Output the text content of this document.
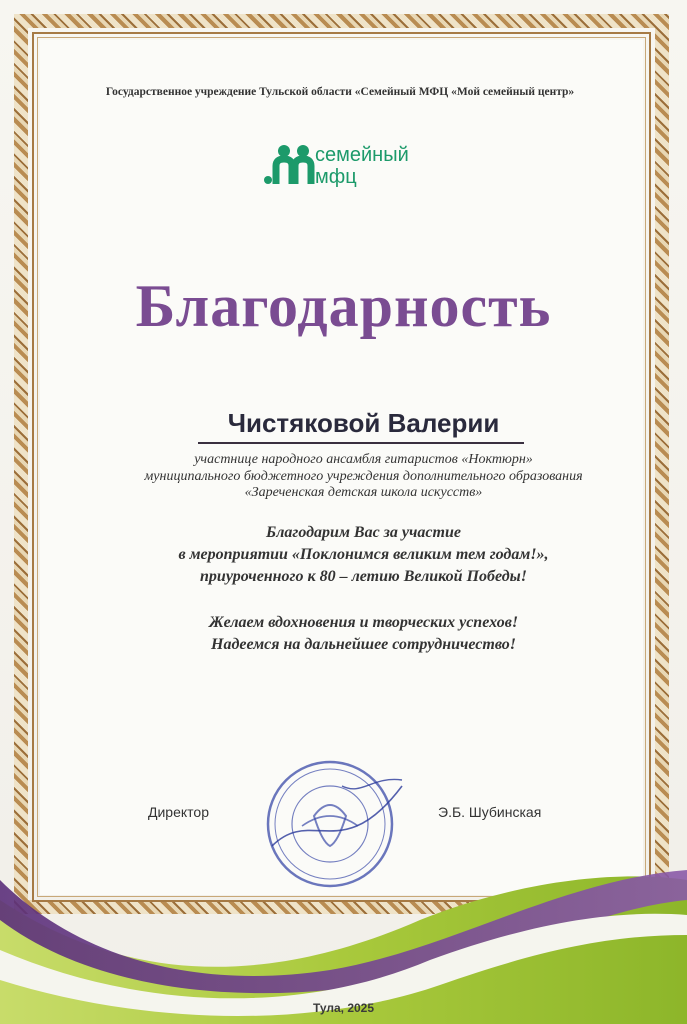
Государственное учреждение Тульской области «Семейный МФЦ «Мой семейный центр»
семейный
мфц
Благодарность
Чистяковой Валерии
участнице народного ансамбля гитаристов «Ноктюрн»
муниципального бюджетного учреждения дополнительного образования
«Зареченская детская школа искусств»
Благодарим Вас за участие
в мероприятии «Поклонимся великим тем годам!»,
приуроченного к 80 – летию Великой Победы!
Желаем вдохновения и творческих успехов!
Надеемся на дальнейшее сотрудничество!
Директор	Э.Б. Шубинская
Тула, 2025
